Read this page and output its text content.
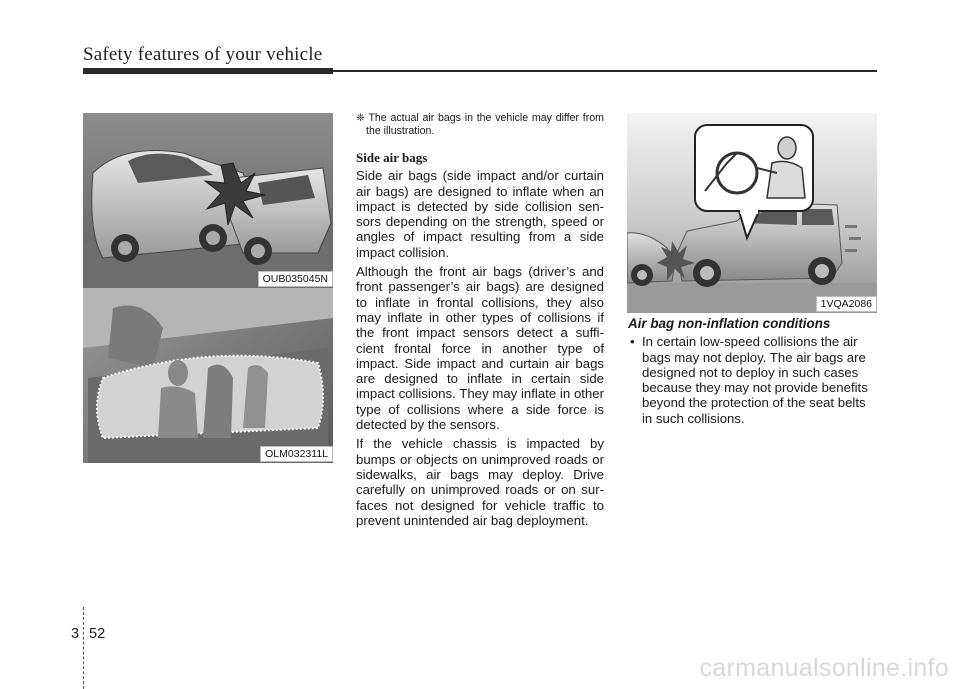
Safety features of your vehicle
OUB035045N
OLM032311L

❈ The actual air bags in the vehicle may differ from the illustration.

Side air bags

Side air bags (side impact and/or curtain air bags) are designed to inflate when an impact is detected by side collision sen-sors depending on the strength, speed or angles of impact resulting from a side impact collision.

Although the front air bags (driver’s and front passenger’s air bags) are designed to inflate in frontal collisions, they also may inflate in other types of collisions if the front impact sensors detect a suffi-cient frontal force in another type of impact. Side impact and curtain air bags are designed to inflate in certain side impact collisions. They may inflate in other type of collisions where a side force is detected by the sensors.

If the vehicle chassis is impacted by bumps or objects on unimproved roads or sidewalks, air bags may deploy. Drive carefully on unimproved roads or on sur-faces not designed for vehicle traffic to prevent unintended air bag deployment.

1VQA2086

Air bag non-inflation conditions

• In certain low-speed collisions the air bags may not deploy. The air bags are designed not to deploy in such cases because they may not provide benefits beyond the protection of the seat belts in such collisions.

3 52
carmanualsonline.info
